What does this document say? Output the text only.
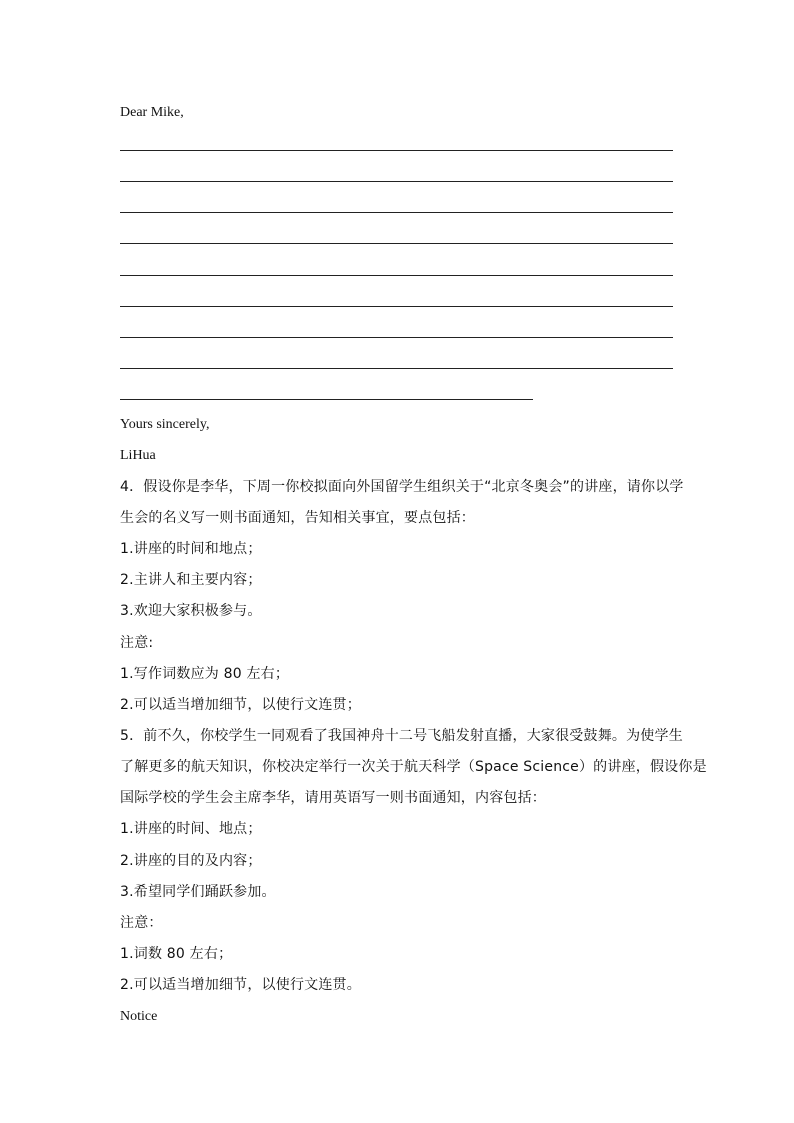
Dear Mike,
Yours sincerely,
LiHua
4．假设你是李华，下周一你校拟面向外国留学生组织关于“北京冬奥会”的讲座，请你以学
生会的名义写一则书面通知，告知相关事宜，要点包括：
1.讲座的时间和地点；
2.主讲人和主要内容；
3.欢迎大家积极参与。
注意:
1.写作词数应为 80 左右；
2.可以适当增加细节，以使行文连贯；
5．前不久，你校学生一同观看了我国神舟十二号飞船发射直播，大家很受鼓舞。为使学生
了解更多的航天知识，你校决定举行一次关于航天科学（Space Science）的讲座，假设你是
国际学校的学生会主席李华，请用英语写一则书面通知，内容包括：
1.讲座的时间、地点；
2.讲座的目的及内容；
3.希望同学们踊跃参加。
注意：
1.词数 80 左右；
2.可以适当增加细节，以使行文连贯。
Notice
